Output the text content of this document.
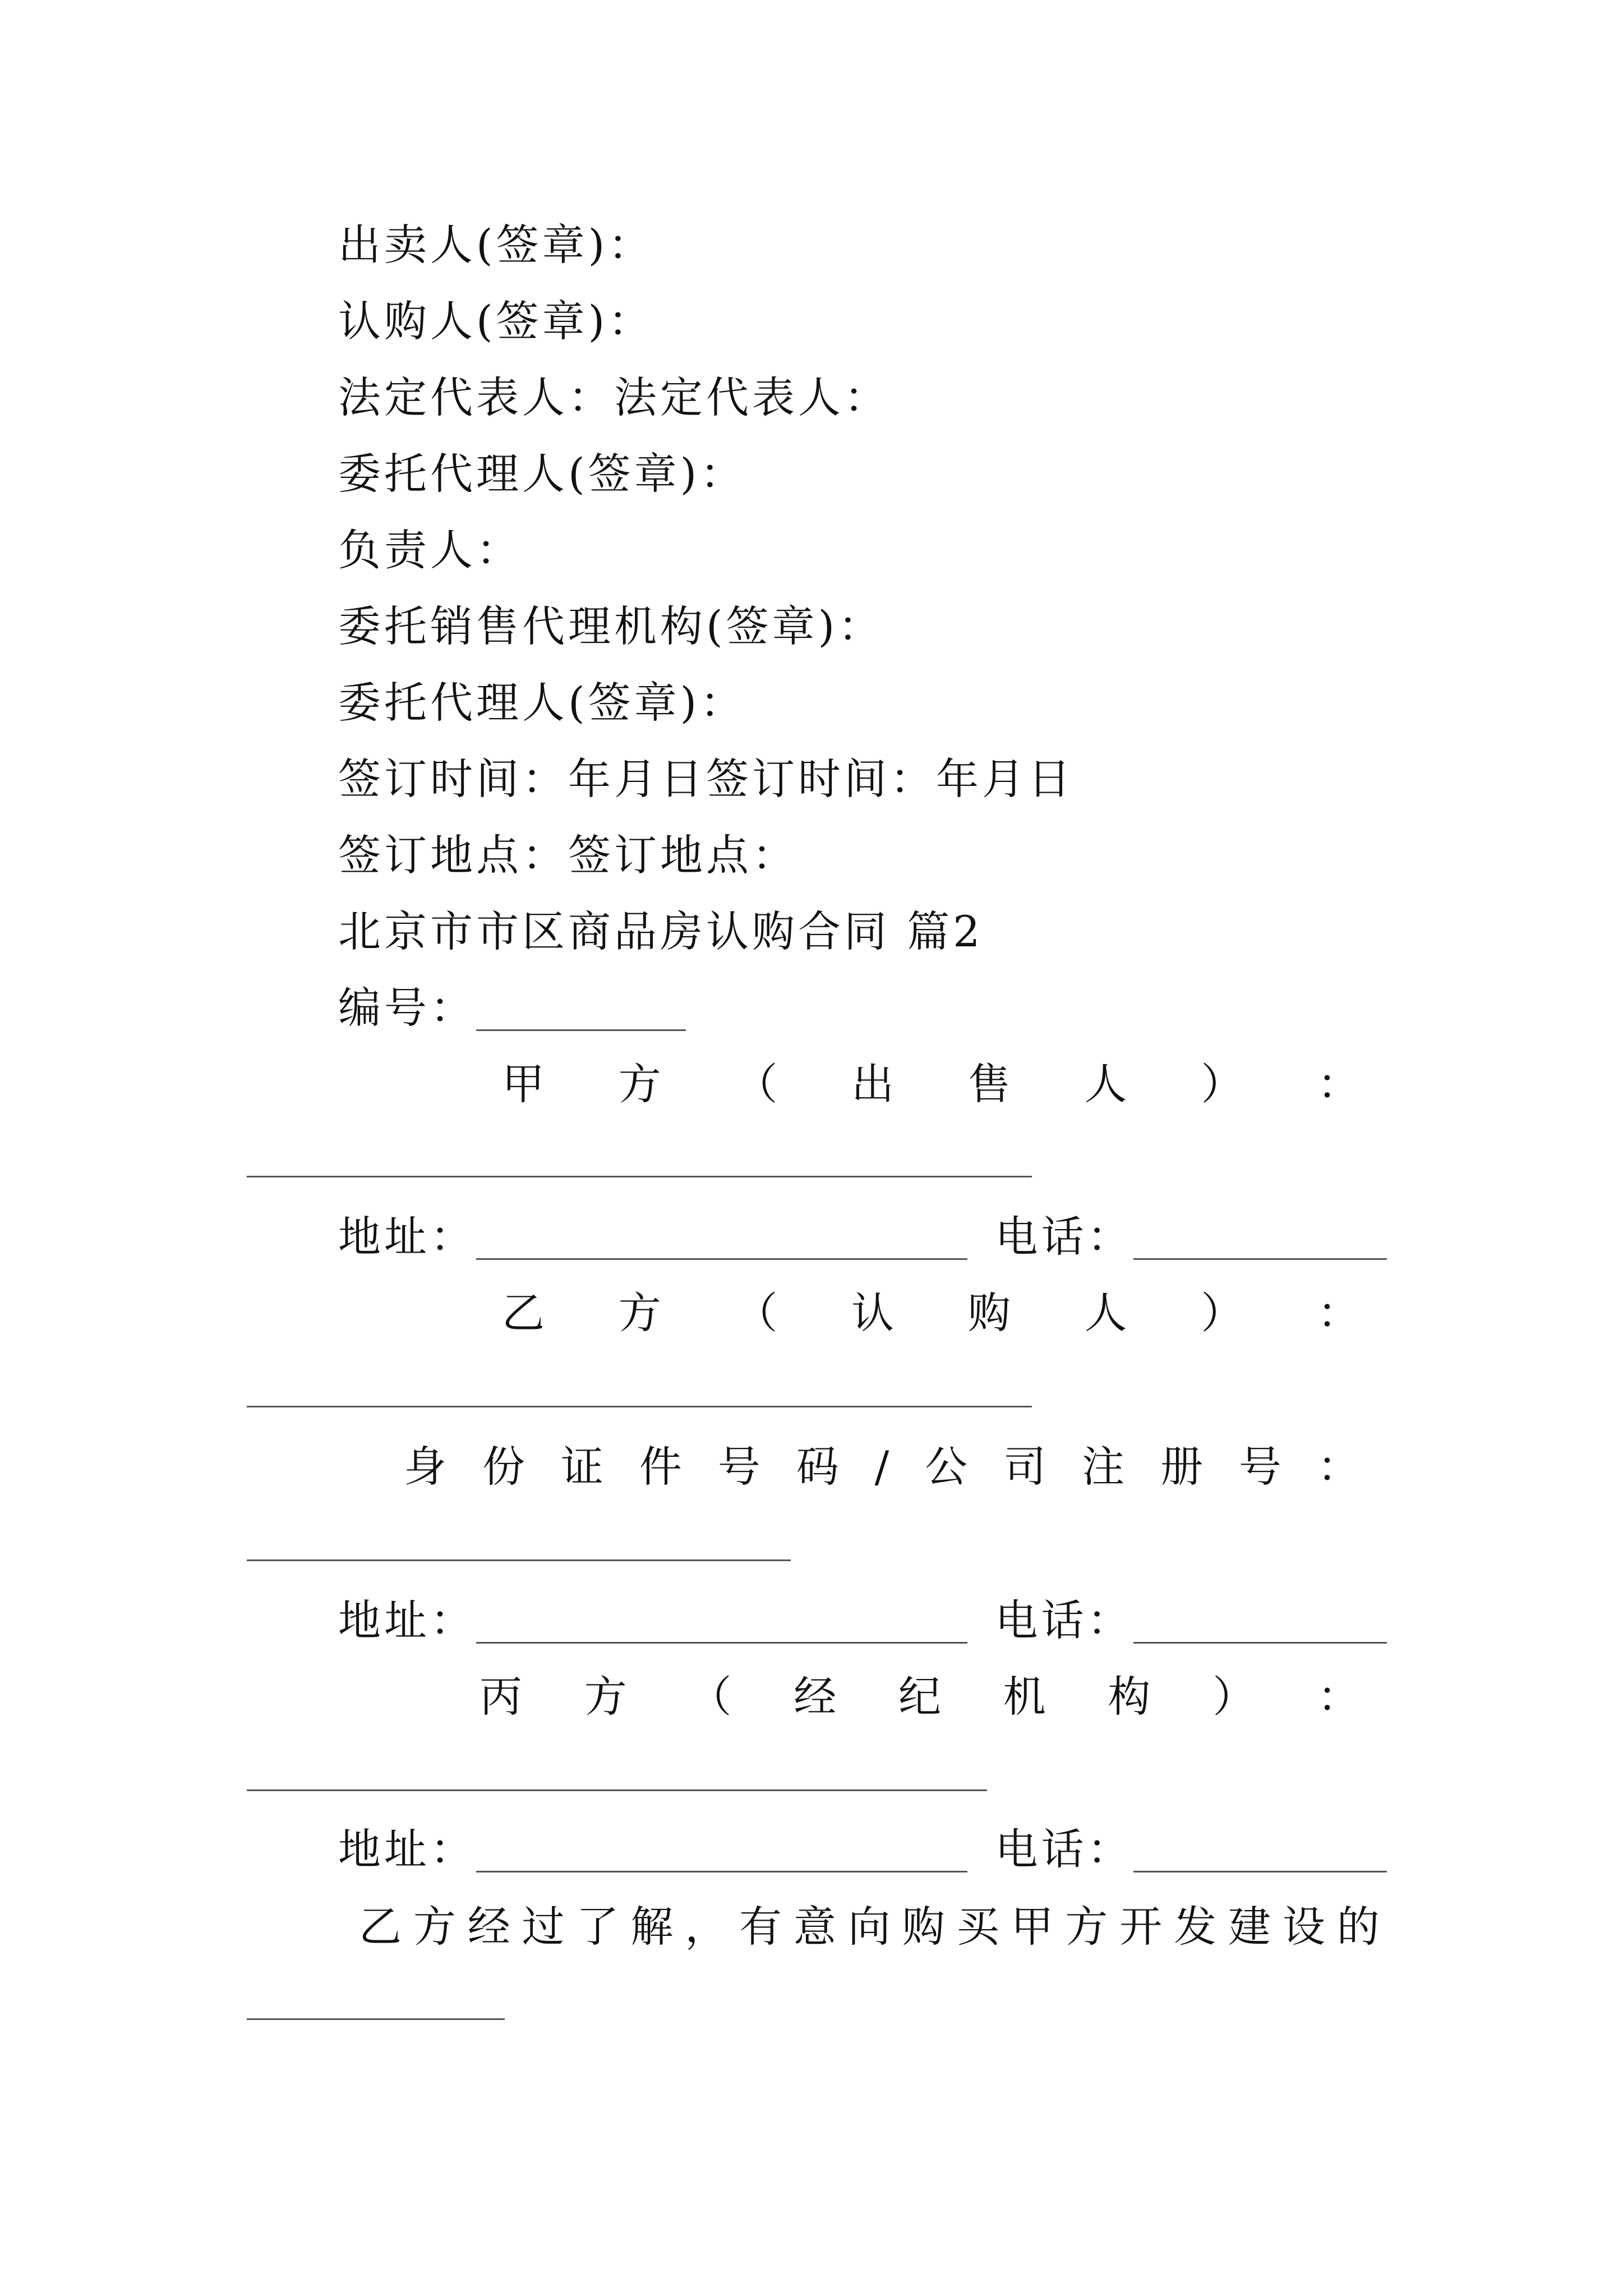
出卖人(签章)：
认购人(签章)：
法定代表人：法定代表人：
委托代理人(签章)：
负责人：
委托销售代理机构(签章)：
委托代理人(签章)：
签订时间：年月日签订时间：年月日
签订地点：签订地点：
北京市市区商品房认购合同 篇2
编号：
甲 方 （ 出 售 人 ） ：
地址：	电话：
乙 方 （ 认 购 人 ） ：
身 份 证 件 号 码 / 公 司 注 册 号 ：
地址：	电话：
丙 方 （ 经 纪 机 构 ） ：
地址：	电话：
乙 方 经 过 了 解 ， 有 意 向 购 买 甲 方 开 发 建 设 的
